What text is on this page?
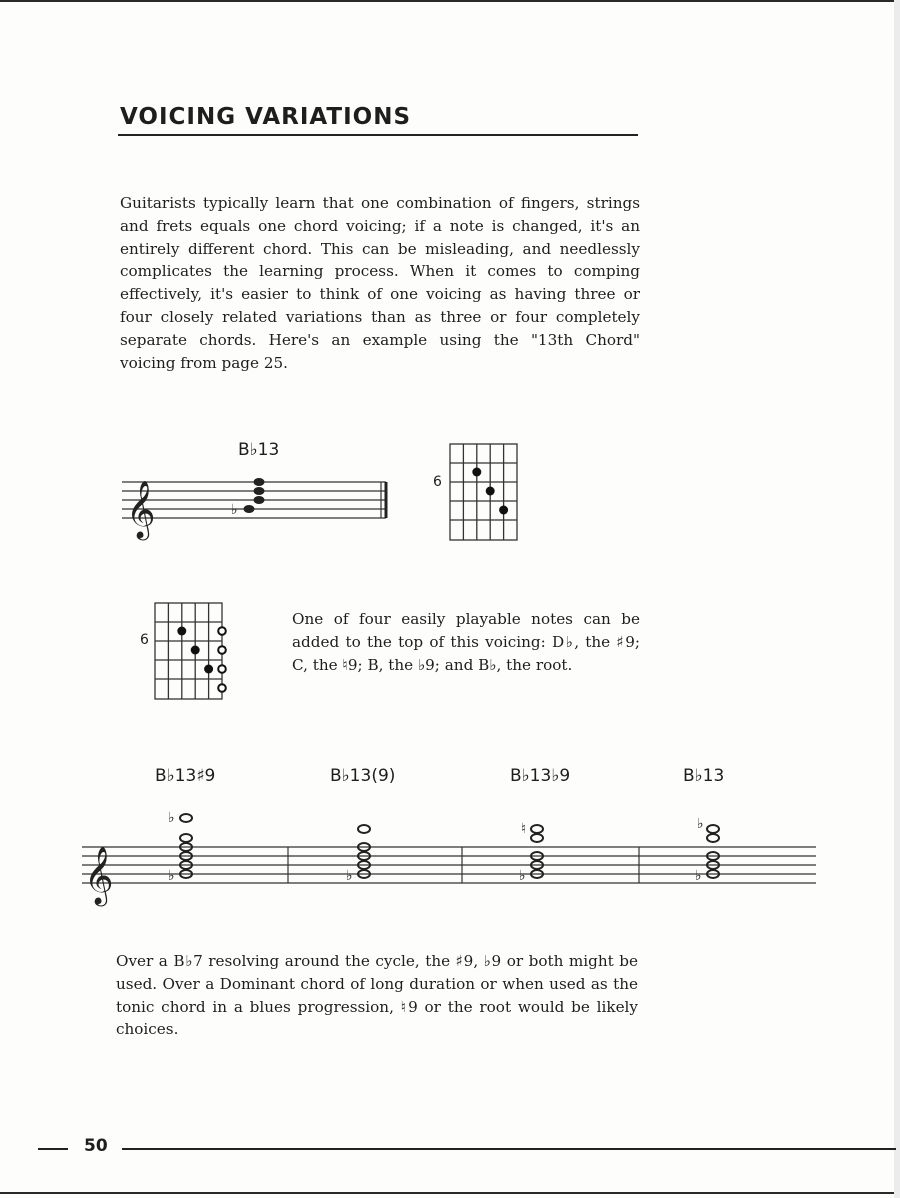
VOICING VARIATIONS

Guitarists typically learn that one combination of fingers, strings and frets equals one chord voicing; if a note is changed, it's an entirely different chord. This can be misleading, and needlessly complicates the learning process. When it comes to comping effectively, it's easier to think of one voicing as having three or four closely related variations than as three or four completely separate chords. Here's an example using the "13th Chord" voicing from page 25.

B♭13
𝄞	♭
6
6

One of four easily playable notes can be added to the top of this voicing: D♭, the ♯9; C, the ♮9; B, the ♭9; and B♭, the root.

B♭13♯9	B♭13(9)	B♭13♭9	B♭13
𝄞	♭
♭
♭	♭
♮
♭
♭

Over a B♭7 resolving around the cycle, the ♯9, ♭9 or both might be used. Over a Dominant chord of long duration or when used as the tonic chord in a blues progression, ♮9 or the root would be likely choices.

50
